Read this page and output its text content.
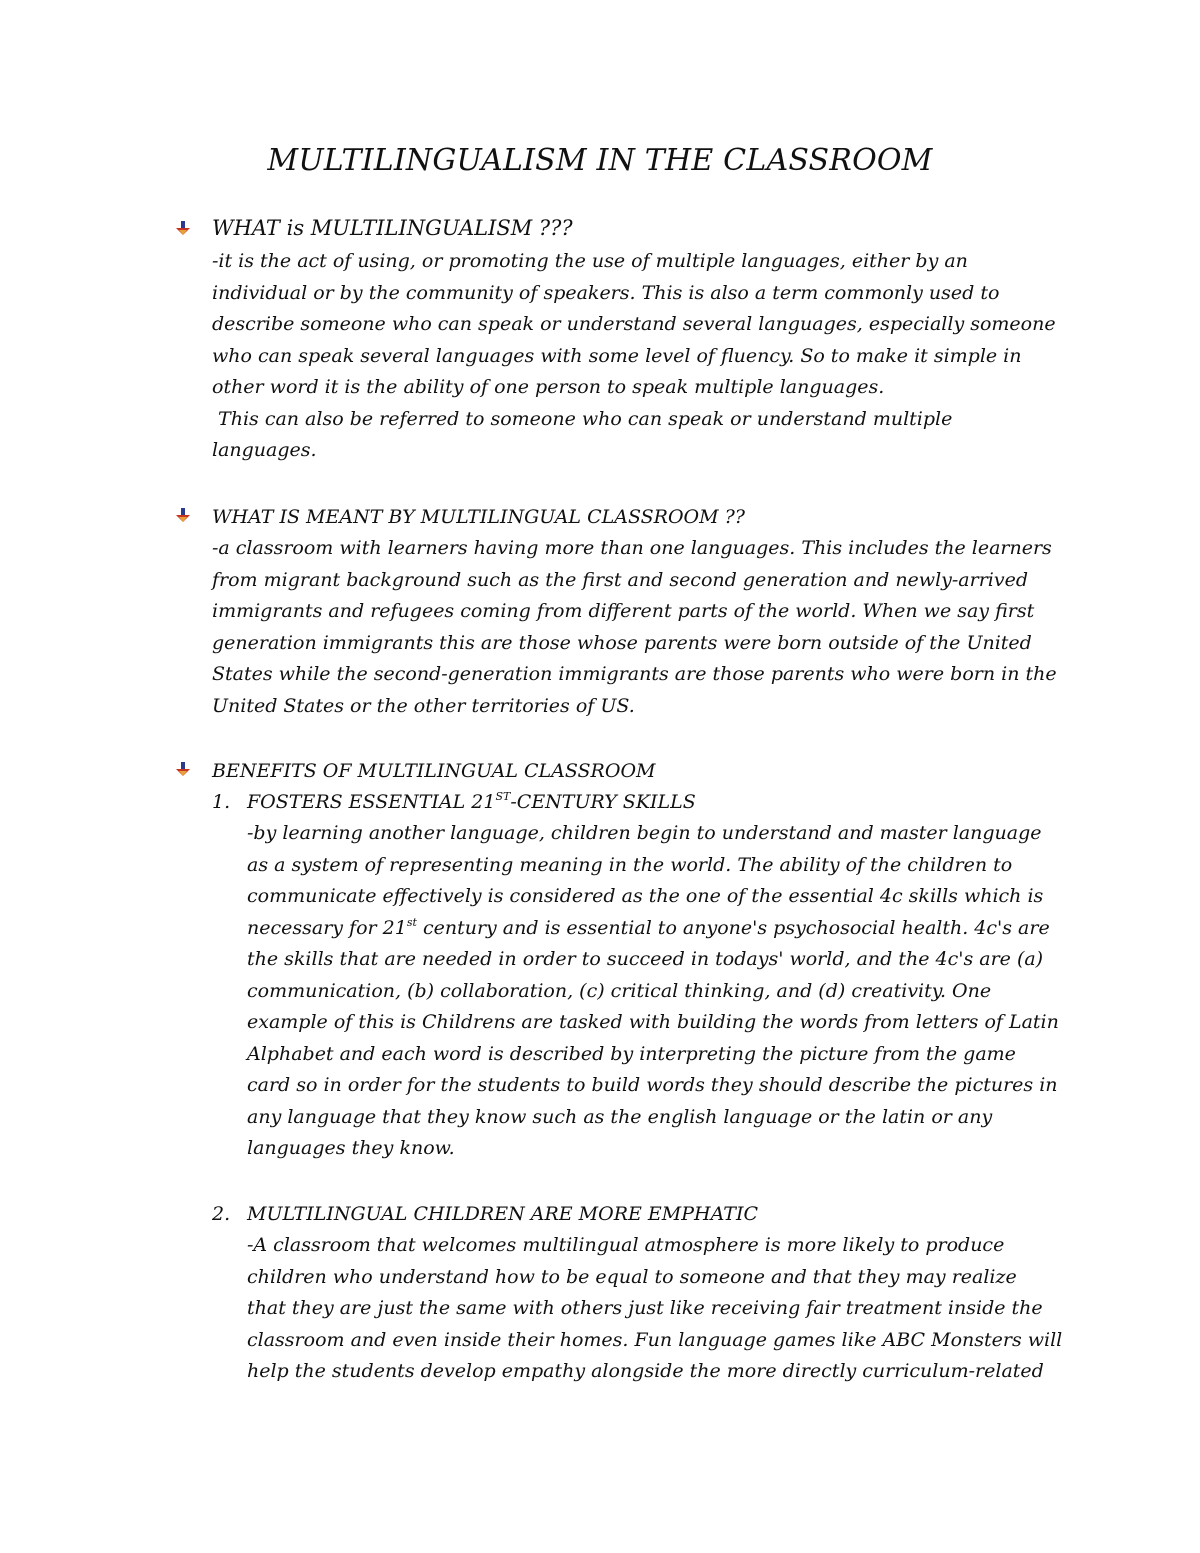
MULTILINGUALISM IN THE CLASSROOM
WHAT is MULTILINGUALISM ???

-it is the act of using, or promoting the use of multiple languages, either by an
individual or by the community of speakers. This is also a term commonly used to
describe someone who can speak or understand several languages, especially someone
who can speak several languages with some level of fluency. So to make it simple in
other word it is the ability of one person to speak multiple languages.
This can also be referred to someone who can speak or understand multiple
languages.

WHAT IS MEANT BY MULTILINGUAL CLASSROOM ??

-a classroom with learners having more than one languages. This includes the learners
from migrant background such as the first and second generation and newly-arrived
immigrants and refugees coming from different parts of the world. When we say first
generation immigrants this are those whose parents were born outside of the United
States while the second-generation immigrants are those parents who were born in the
United States or the other territories of US.

BENEFITS OF MULTILINGUAL CLASSROOM
1. FOSTERS ESSENTIAL 21ST-CENTURY SKILLS

-by learning another language, children begin to understand and master language
as a system of representing meaning in the world. The ability of the children to
communicate effectively is considered as the one of the essential 4c skills which is
necessary for 21st century and is essential to anyone's psychosocial health. 4c's are
the skills that are needed in order to succeed in todays' world, and the 4c's are (a)
communication, (b) collaboration, (c) critical thinking, and (d) creativity. One
example of this is Childrens are tasked with building the words from letters of Latin
Alphabet and each word is described by interpreting the picture from the game
card so in order for the students to build words they should describe the pictures in
any language that they know such as the english language or the latin or any
languages they know.

2. MULTILINGUAL CHILDREN ARE MORE EMPHATIC

-A classroom that welcomes multilingual atmosphere is more likely to produce
children who understand how to be equal to someone and that they may realize
that they are just the same with others just like receiving fair treatment inside the
classroom and even inside their homes. Fun language games like ABC Monsters will
help the students develop empathy alongside the more directly curriculum-related
